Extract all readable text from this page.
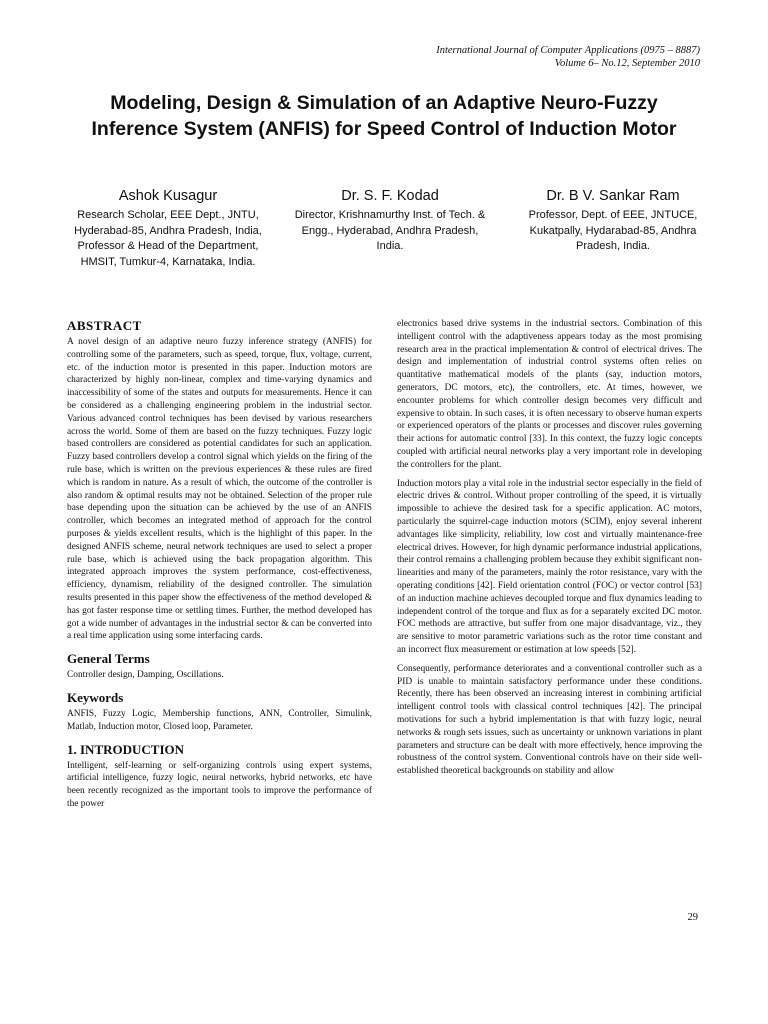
International Journal of Computer Applications (0975 – 8887)
Volume 6– No.12, September 2010
Modeling, Design & Simulation of an Adaptive Neuro-Fuzzy Inference System (ANFIS) for Speed Control of Induction Motor
Ashok Kusagur
Research Scholar, EEE Dept., JNTU, Hyderabad-85, Andhra Pradesh, India, Professor & Head of the Department, HMSIT, Tumkur-4, Karnataka, India.
Dr. S. F. Kodad
Director, Krishnamurthy Inst. of Tech. & Engg., Hyderabad, Andhra Pradesh, India.
Dr. B V. Sankar Ram
Professor, Dept. of EEE, JNTUCE, Kukatpally, Hydarabad-85, Andhra Pradesh, India.
ABSTRACT

A novel design of an adaptive neuro fuzzy inference strategy (ANFIS) for controlling some of the parameters, such as speed, torque, flux, voltage, current, etc. of the induction motor is presented in this paper. Induction motors are characterized by highly non-linear, complex and time-varying dynamics and inaccessibility of some of the states and outputs for measurements. Hence it can be considered as a challenging engineering problem in the industrial sector. Various advanced control techniques has been devised by various researchers across the world. Some of them are based on the fuzzy techniques. Fuzzy logic based controllers are considered as potential candidates for such an application. Fuzzy based controllers develop a control signal which yields on the firing of the rule base, which is written on the previous experiences & these rules are fired which is random in nature. As a result of which, the outcome of the controller is also random & optimal results may not be obtained. Selection of the proper rule base depending upon the situation can be achieved by the use of an ANFIS controller, which becomes an integrated method of approach for the control purposes & yields excellent results, which is the highlight of this paper. In the designed ANFIS scheme, neural network techniques are used to select a proper rule base, which is achieved using the back propagation algorithm. This integrated approach improves the system performance, cost-effectiveness, efficiency, dynamism, reliability of the designed controller. The simulation results presented in this paper show the effectiveness of the method developed & has got faster response time or settling times. Further, the method developed has got a wide number of advantages in the industrial sector & can be converted into a real time application using some interfacing cards.

General Terms

Controller design, Damping, Oscillations.

Keywords

ANFIS, Fuzzy Logic, Membership functions, ANN, Controller, Simulink, Matlab, Induction motor, Closed loop, Parameter.

1. INTRODUCTION

Intelligent, self-learning or self-organizing controls using expert systems, artificial intelligence, fuzzy logic, neural networks, hybrid networks, etc have been recently recognized as the important tools to improve the performance of the power

electronics based drive systems in the industrial sectors. Combination of this intelligent control with the adaptiveness appears today as the most promising research area in the practical implementation & control of electrical drives. The design and implementation of industrial control systems often relies on quantitative mathematical models of the plants (say, induction motors, generators, DC motors, etc), the controllers, etc. At times, however, we encounter problems for which controller design becomes very difficult and expensive to obtain. In such cases, it is often necessary to observe human experts or experienced operators of the plants or processes and discover rules governing their actions for automatic control [33]. In this context, the fuzzy logic concepts coupled with artificial neural networks play a very important role in developing the controllers for the plant.

Induction motors play a vital role in the industrial sector especially in the field of electric drives & control. Without proper controlling of the speed, it is virtually impossible to achieve the desired task for a specific application. AC motors, particularly the squirrel-cage induction motors (SCIM), enjoy several inherent advantages like simplicity, reliability, low cost and virtually maintenance-free electrical drives. However, for high dynamic performance industrial applications, their control remains a challenging problem because they exhibit significant non-linearities and many of the parameters, mainly the rotor resistance, vary with the operating conditions [42]. Field orientation control (FOC) or vector control [53] of an induction machine achieves decoupled torque and flux dynamics leading to independent control of the torque and flux as for a separately excited DC motor. FOC methods are attractive, but suffer from one major disadvantage, viz., they are sensitive to motor parametric variations such as the rotor time constant and an incorrect flux measurement or estimation at low speeds [52].

Consequently, performance deteriorates and a conventional controller such as a PID is unable to maintain satisfactory performance under these conditions. Recently, there has been observed an increasing interest in combining artificial intelligent control tools with classical control techniques [42]. The principal motivations for such a hybrid implementation is that with fuzzy logic, neural networks & rough sets issues, such as uncertainty or unknown variations in plant parameters and structure can be dealt with more effectively, hence improving the robustness of the control system. Conventional controls have on their side well-established theoretical backgrounds on stability and allow

29
